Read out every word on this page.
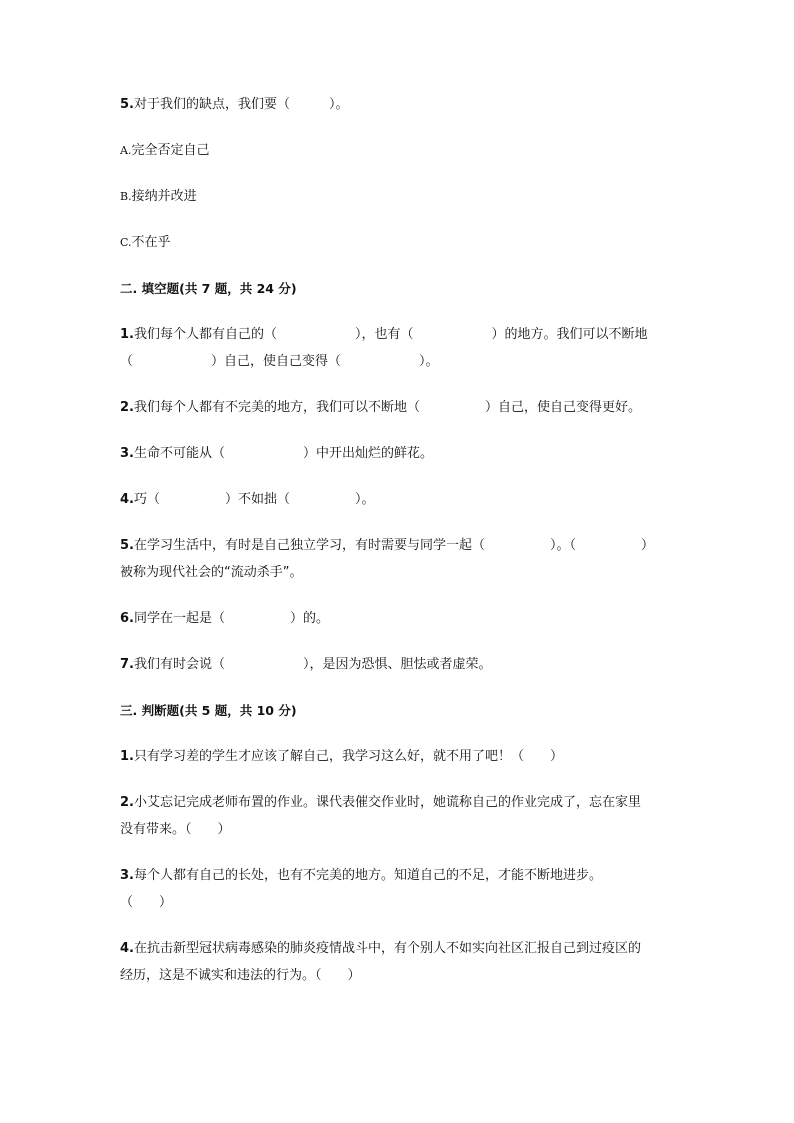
5.对于我们的缺点，我们要（　　　）。
A.完全否定自己
B.接纳并改进
C.不在乎
二. 填空题(共 7 题，共 24 分)
1.我们每个人都有自己的（　　　　　　），也有（　　　　　　）的地方。我们可以不断地
（　　　　　　）自己，使自己变得（　　　　　　）。
2.我们每个人都有不完美的地方，我们可以不断地（　　　　　）自己，使自己变得更好。
3.生命不可能从（　　　　　　）中开出灿烂的鲜花。
4.巧（　　　　　）不如拙（　　　　　）。
5.在学习生活中，有时是自己独立学习，有时需要与同学一起（　　　　　）。（　　　　　）
被称为现代社会的“流动杀手”。
6.同学在一起是（　　　　　）的。
7.我们有时会说（　　　　　　），是因为恐惧、胆怯或者虚荣。
三. 判断题(共 5 题，共 10 分)
1.只有学习差的学生才应该了解自己，我学习这么好，就不用了吧！（　　）
2.小艾忘记完成老师布置的作业。课代表催交作业时，她谎称自己的作业完成了，忘在家里
没有带来。（　　）
3.每个人都有自己的长处，也有不完美的地方。知道自己的不足，才能不断地进步。
（　　）
4.在抗击新型冠状病毒感染的肺炎疫情战斗中，有个别人不如实向社区汇报自己到过疫区的
经历，这是不诚实和违法的行为。（　　）
